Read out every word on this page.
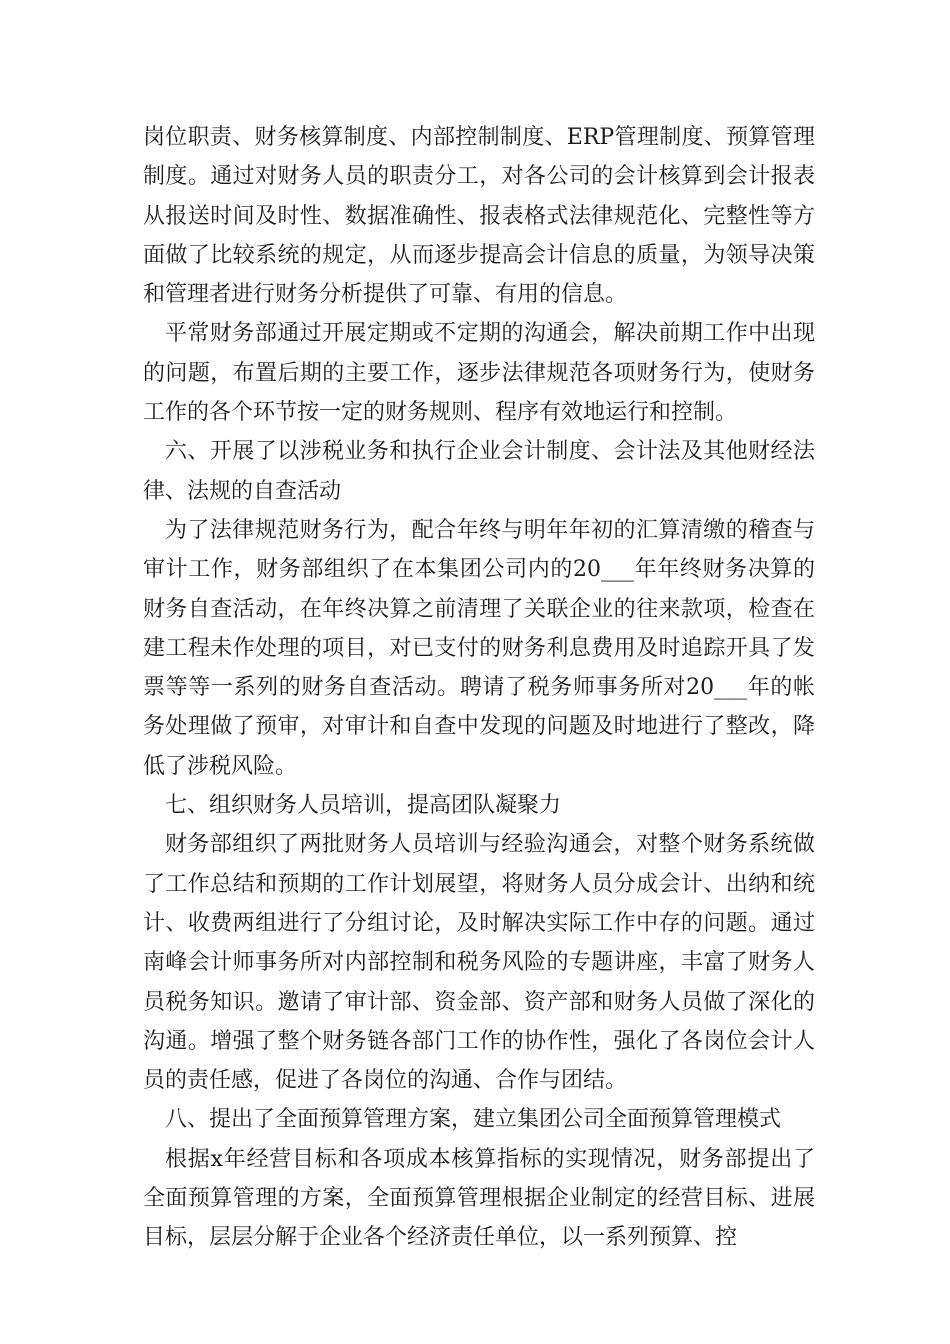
岗位职责、财务核算制度、内部控制制度、ERP管理制度、预算管理制度。通过对财务人员的职责分工，对各公司的会计核算到会计报表从报送时间及时性、数据准确性、报表格式法律规范化、完整性等方面做了比较系统的规定，从而逐步提高会计信息的质量，为领导决策和管理者进行财务分析提供了可靠、有用的信息。

平常财务部通过开展定期或不定期的沟通会，解决前期工作中出现的问题，布置后期的主要工作，逐步法律规范各项财务行为，使财务工作的各个环节按一定的财务规则、程序有效地运行和控制。

六、开展了以涉税业务和执行企业会计制度、会计法及其他财经法律、法规的自查活动

为了法律规范财务行为，配合年终与明年年初的汇算清缴的稽查与审计工作，财务部组织了在本集团公司内的20___年年终财务决算的财务自查活动，在年终决算之前清理了关联企业的往来款项，检查在建工程未作处理的项目，对已支付的财务利息费用及时追踪开具了发票等等一系列的财务自查活动。聘请了税务师事务所对20___年的帐务处理做了预审，对审计和自查中发现的问题及时地进行了整改，降低了涉税风险。

七、组织财务人员培训，提高团队凝聚力

财务部组织了两批财务人员培训与经验沟通会，对整个财务系统做了工作总结和预期的工作计划展望，将财务人员分成会计、出纳和统计、收费两组进行了分组讨论，及时解决实际工作中存的问题。通过南峰会计师事务所对内部控制和税务风险的专题讲座，丰富了财务人员税务知识。邀请了审计部、资金部、资产部和财务人员做了深化的沟通。增强了整个财务链各部门工作的协作性，强化了各岗位会计人员的责任感，促进了各岗位的沟通、合作与团结。

八、提出了全面预算管理方案，建立集团公司全面预算管理模式

根据x年经营目标和各项成本核算指标的实现情况，财务部提出了全面预算管理的方案，全面预算管理根据企业制定的经营目标、进展目标，层层分解于企业各个经济责任单位，以一系列预算、控
